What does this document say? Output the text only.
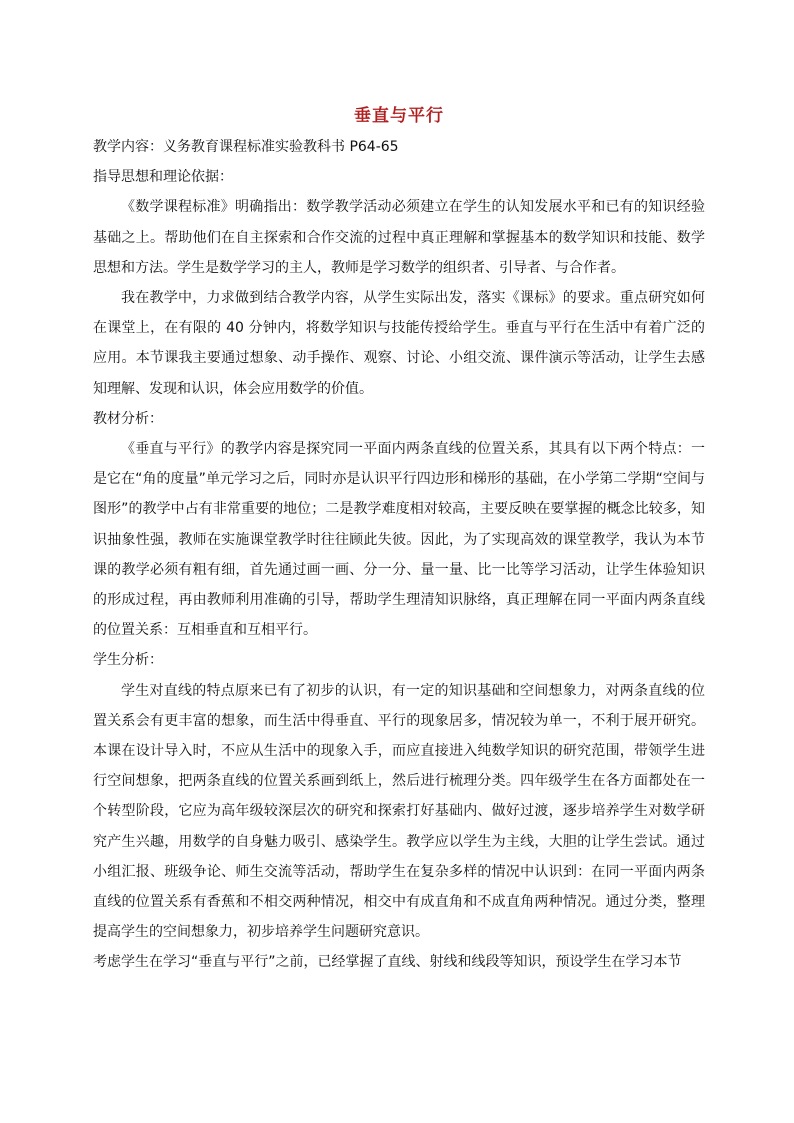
垂直与平行

教学内容：义务教育课程标准实验教科书 P64-65

指导思想和理论依据：

《数学课程标准》明确指出：数学教学活动必须建立在学生的认知发展水平和已有的知识经验基础之上。帮助他们在自主探索和合作交流的过程中真正理解和掌握基本的数学知识和技能、数学思想和方法。学生是数学学习的主人，教师是学习数学的组织者、引导者、与合作者。

我在教学中，力求做到结合教学内容，从学生实际出发，落实《课标》的要求。重点研究如何在课堂上，在有限的 40 分钟内，将数学知识与技能传授给学生。垂直与平行在生活中有着广泛的应用。本节课我主要通过想象、动手操作、观察、讨论、小组交流、课件演示等活动，让学生去感知理解、发现和认识，体会应用数学的价值。

教材分析：

《垂直与平行》的教学内容是探究同一平面内两条直线的位置关系，其具有以下两个特点：一是它在“角的度量”单元学习之后，同时亦是认识平行四边形和梯形的基础，在小学第二学期“空间与图形”的教学中占有非常重要的地位；二是教学难度相对较高，主要反映在要掌握的概念比较多，知识抽象性强，教师在实施课堂教学时往往顾此失彼。因此，为了实现高效的课堂教学，我认为本节课的教学必须有粗有细，首先通过画一画、分一分、量一量、比一比等学习活动，让学生体验知识的形成过程，再由教师利用准确的引导，帮助学生理清知识脉络，真正理解在同一平面内两条直线的位置关系：互相垂直和互相平行。

学生分析：

学生对直线的特点原来已有了初步的认识，有一定的知识基础和空间想象力，对两条直线的位置关系会有更丰富的想象，而生活中得垂直、平行的现象居多，情况较为单一，不利于展开研究。本课在设计导入时，不应从生活中的现象入手，而应直接进入纯数学知识的研究范围，带领学生进行空间想象，把两条直线的位置关系画到纸上，然后进行梳理分类。四年级学生在各方面都处在一个转型阶段，它应为高年级较深层次的研究和探索打好基础内、做好过渡，逐步培养学生对数学研究产生兴趣，用数学的自身魅力吸引、感染学生。教学应以学生为主线，大胆的让学生尝试。通过小组汇报、班级争论、师生交流等活动，帮助学生在复杂多样的情况中认识到：在同一平面内两条直线的位置关系有香蕉和不相交两种情况，相交中有成直角和不成直角两种情况。通过分类，整理提高学生的空间想象力，初步培养学生问题研究意识。

考虑学生在学习“垂直与平行”之前，已经掌握了直线、射线和线段等知识，预设学生在学习本节
